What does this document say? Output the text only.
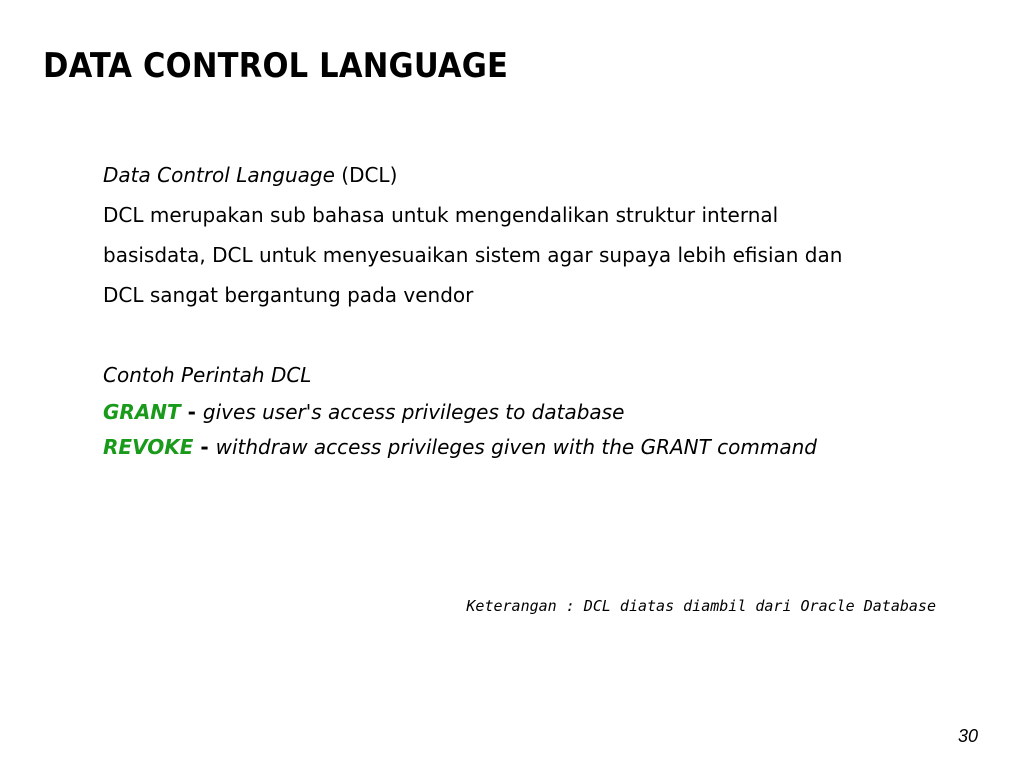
DATA CONTROL LANGUAGE
Data Control Language (DCL)
DCL merupakan sub bahasa untuk mengendalikan struktur internal
basisdata, DCL untuk menyesuaikan sistem agar supaya lebih efisian dan
DCL sangat bergantung pada vendor
Contoh Perintah DCL
GRANT - gives user's access privileges to database
REVOKE - withdraw access privileges given with the GRANT command
Keterangan : DCL diatas diambil dari Oracle Database
30
